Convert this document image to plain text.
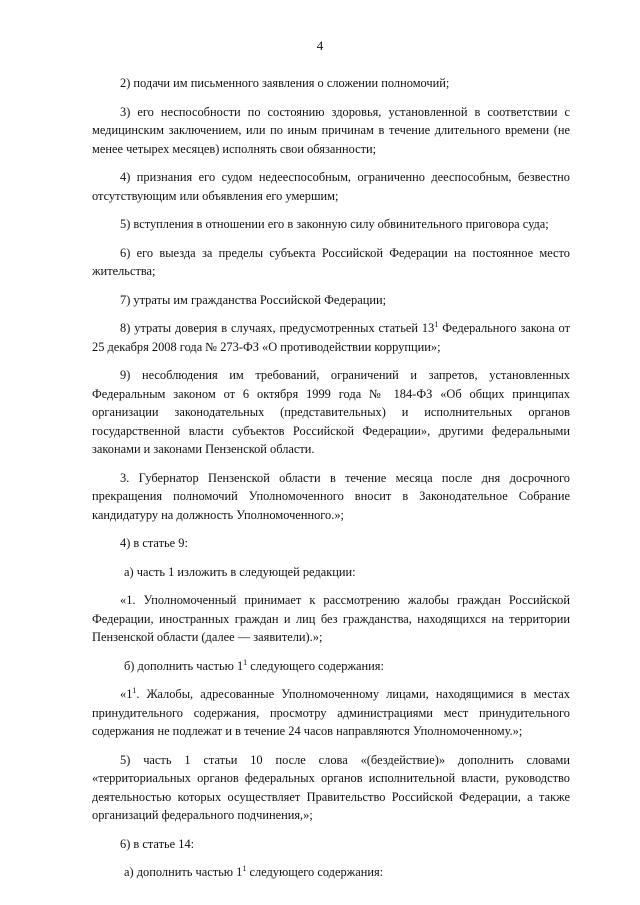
4

2) подачи им письменного заявления о сложении полномочий;

3) его неспособности по состоянию здоровья, установленной в соответствии с медицинским заключением, или по иным причинам в течение длительного времени (не менее четырех месяцев) исполнять свои обязанности;

4) признания его судом недееспособным, ограниченно дееспособным, безвестно отсутствующим или объявления его умершим;

5) вступления в отношении его в законную силу обвинительного приговора суда;

6) его выезда за пределы субъекта Российской Федерации на постоянное место жительства;

7) утраты им гражданства Российской Федерации;

8) утраты доверия в случаях, предусмотренных статьей $13^1$ Федерального закона от 25 декабря 2008 года № 273-ФЗ «О противодействии коррупции»;

9) несоблюдения им требований, ограничений и запретов, установленных Федеральным законом от 6 октября 1999 года № 184-ФЗ «Об общих принципах организации законодательных (представительных) и исполнительных органов государственной власти субъектов Российской Федерации», другими федеральными законами и законами Пензенской области.

3. Губернатор Пензенской области в течение месяца после дня досрочного прекращения полномочий Уполномоченного вносит в Законодательное Собрание кандидатуру на должность Уполномоченного.»;

4) в статье 9:

а) часть 1 изложить в следующей редакции:

«1. Уполномоченный принимает к рассмотрению жалобы граждан Российской Федерации, иностранных граждан и лиц без гражданства, находящихся на территории Пензенской области (далее — заявители).»;

б) дополнить частью $1^1$ следующего содержания:

«$1^1$. Жалобы, адресованные Уполномоченному лицами, находящимися в местах принудительного содержания, просмотру администрациями мест принудительного содержания не подлежат и в течение 24 часов направляются Уполномоченному.»;

5) часть 1 статьи 10 после слова «(бездействие)» дополнить словами «территориальных органов федеральных органов исполнительной власти, руководство деятельностью которых осуществляет Правительство Российской Федерации, а также организаций федерального подчинения,»;

6) в статье 14:

а) дополнить частью $1^1$ следующего содержания:
